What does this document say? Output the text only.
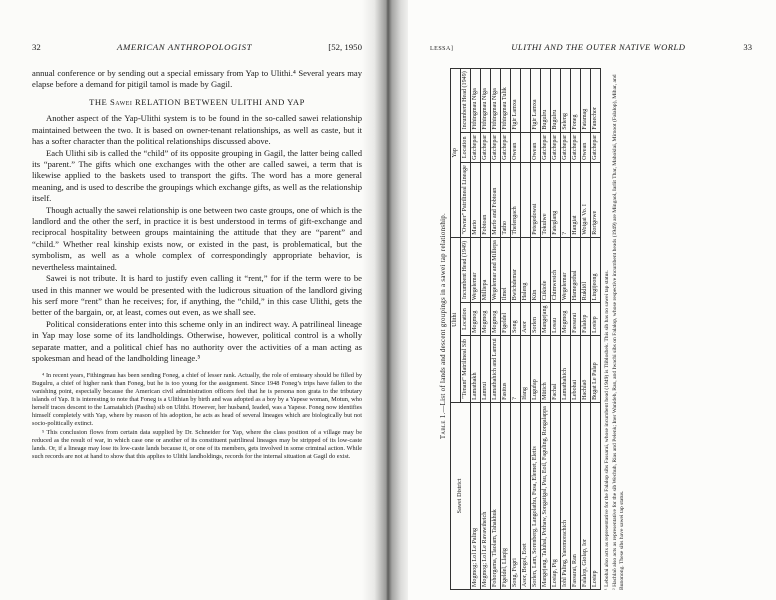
32	AMERICAN ANTHROPOLOGIST	[52, 1950

annual conference or by sending out a special emissary from Yap to Ulithi.⁴ Several years may elapse before a demand for pitigil tamol is made by Gagil.

THE Sawei RELATION BETWEEN ULITHI AND YAP

Another aspect of the Yap-Ulithi system is to be found in the so-called sawei relationship maintained between the two. It is based on owner-tenant relationships, as well as caste, but it has a softer character than the political relationships discussed above.

Each Ulithi sib is called the “child” of its opposite grouping in Gagil, the latter being called its “parent.” The gifts which one exchanges with the other are called sawei, a term that is likewise applied to the baskets used to transport the gifts. The word has a more general meaning, and is used to describe the groupings which exchange gifts, as well as the relationship itself.

Though actually the sawei relationship is one between two caste groups, one of which is the landlord and the other the serf, in practice it is best understood in terms of gift-exchange and reciprocal hospitality between groups maintaining the attitude that they are “parent” and “child.” Whether real kinship exists now, or existed in the past, is problematical, but the symbolism, as well as a whole complex of correspondingly appropriate behavior, is nevertheless maintained.

Sawei is not tribute. It is hard to justify even calling it “rent,” for if the term were to be used in this manner we would be presented with the ludicrous situation of the landlord giving his serf more “rent” than he receives; for, if anything, the “child,” in this case Ulithi, gets the better of the bargain, or, at least, comes out even, as we shall see.

Political considerations enter into this scheme only in an indirect way. A patrilineal lineage in Yap may lose some of its landholdings. Otherwise, however, political control is a wholly separate matter, and a political chief has no authority over the activities of a man acting as spokesman and head of the landholding lineage.⁵

⁴ In recent years, Fithingmau has been sending Foneg, a chief of lesser rank. Actually, the role of emissary should be filled by Bugulru, a chief of higher rank than Foneg, but he is too young for the assignment. Since 1948 Foneg’s trips have fallen to the vanishing point, especially because the American civil administration officers feel that he is persona non grata to the tributary islands of Yap. It is interesting to note that Foneg is a Ulithian by birth and was adopted as a boy by a Yapese woman, Motun, who herself traces descent to the Lamatahich (Pasthu) sib on Ulithi. However, her husband, Ieaded, was a Yapese. Foneg now identifies himself completely with Yap, where by reason of his adoption, he acts as head of several lineages which are biologically but not socio-politically extinct.

⁵ This conclusion flows from certain data supplied by Dr. Schneider for Yap, where the class position of a village may be reduced as the result of war, in which case one or another of its constituent patrilineal lineages may be stripped of its low-caste lands. Or, if a lineage may lose its low-caste lands because it, or one of its members, gets involved in some criminal action. While such records are not at hand to show that this applies to Ulithi landholdings, records for the internal situation at Gagil do exist.

LESSA]	ULITHI AND THE OUTER NATIVE WORLD	33
Table 1.—List of lands and descent groupings in a sawei tap relationship.
Sawei District	Ulithi			Yap		
	"Tenant" Matrilineal Sib	Location	Incumbent Head (1949)	"Owner" Patrilineal Lineage	Location	Incumbent Head (1949)
Mogmog; Lol Le Paling	Lamathakh	Mogmog	Wegelemar	Mario	Gatchepar	Fithingmau Niga
Mogmog; Lol Le Ravawiheich	Lamrui	Mogmog	Milliepa	Fobtoan	Gatchepar	Fithingmau Niga
Fohorgama, Tlaolam, Tahakhuk	Lamathahich and Lamrui	Mogmog	Wegelemar and Milliepa	Marfo and Fobtoan	Gatchepar	Fithingmau Niga
Figeldel, Llaqig	Fasitus	Figeldel	Ilmel	Tatho	Gatchepar	Fithingmau Tulik
Song, Fogri	?	Song	Bwichdemar	Thelengach	Owean	Figir Lamxa
Asor, Bogol, Eoet	Ifang	Asor	Haleng			
Sorlen, Lam, Sorenberg, Langolathu, Fusa, Elemet, Eletis	Lugufap	Sorlen	Kün	Petegedowai	Owean	Figir Lamxa
Mangejang, Taluhal, Pothaw, Songatigal, Pau, Eoil, Faguling, Rongalappa	Mütich	Mangejang	Ciikiole	Tokulwe	Gatchepar	Bugulru
Losiap, Pig	Fachal	Losau	Chimwesich	Fateglang	Gatchepar	Bugulru
Iohl Paling, Yaromorachich	Lamathahich	Mogmog	Wegelemar	?	Gatchepar	Seleng
Fassarai, Ran	Lebohai	Fassarai	Hamegothal	Hangiat	Gatchepar	Foneg
Falalop, Giolap, Ior	Hachlaö	Falalop	Rukliöl	Woigai Vo. I	Owean	Fatamag
Losiep	Bugat Le Palap	Losiep	Lingijeong	Rorigowe	Gatchepar	Fanechor

¹ Lebohai also acts as representative for the Falalop sibs Fassarai, whose incumbent head (1949) is Tlibloshek. This sib has no sawei tap status. ² Hachlaö also acts as representative for the sib Wechuh, Rias and Pelenk; Iner Wanideb, Ran, and Iwachi sibs on Falalop, whose respective incumbent heads (1949) are Mingaol, Iarlit Thar, Mahoklai, Mimoot (Falalop), Mihar, and Bunonong. These sibs have sawei tap status.
